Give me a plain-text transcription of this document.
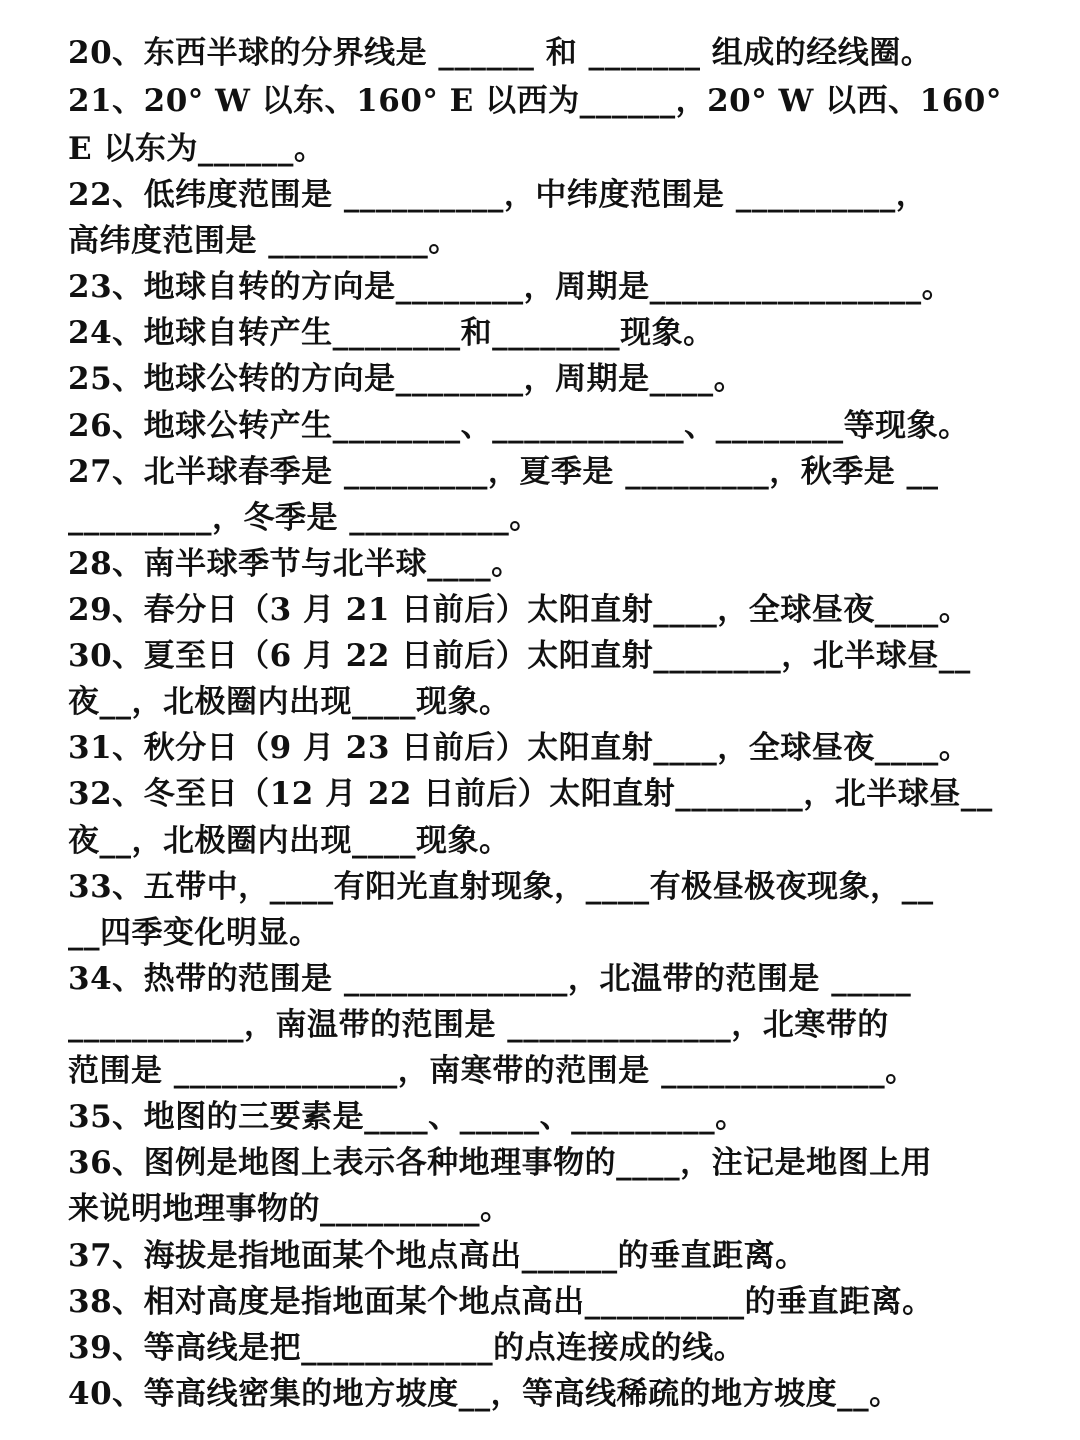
20、东西半球的分界线是 ______ 和 _______ 组成的经线圈。
21、20° W 以东、160° E 以西为______，20° W 以西、160°
E 以东为______。
22、低纬度范围是 __________，中纬度范围是 __________，
高纬度范围是 __________。
23、地球自转的方向是________，周期是_________________。
24、地球自转产生________和________现象。
25、地球公转的方向是________，周期是____。
26、地球公转产生________、____________、________等现象。
27、北半球春季是 _________，夏季是 _________，秋季是 __
_________，冬季是 __________。
28、南半球季节与北半球____。
29、春分日（3 月 21 日前后）太阳直射____，全球昼夜____。
30、夏至日（6 月 22 日前后）太阳直射________，北半球昼__
夜__，北极圈内出现____现象。
31、秋分日（9 月 23 日前后）太阳直射____，全球昼夜____。
32、冬至日（12 月 22 日前后）太阳直射________，北半球昼__
夜__，北极圈内出现____现象。
33、五带中，____有阳光直射现象，____有极昼极夜现象，__
__四季变化明显。
34、热带的范围是 ______________，北温带的范围是 _____
___________，南温带的范围是 ______________，北寒带的
范围是 ______________，南寒带的范围是 ______________。
35、地图的三要素是____、_____、_________。
36、图例是地图上表示各种地理事物的____，注记是地图上用
来说明地理事物的__________。
37、海拔是指地面某个地点高出______的垂直距离。
38、相对高度是指地面某个地点高出__________的垂直距离。
39、等高线是把____________的点连接成的线。
40、等高线密集的地方坡度__，等高线稀疏的地方坡度__。
